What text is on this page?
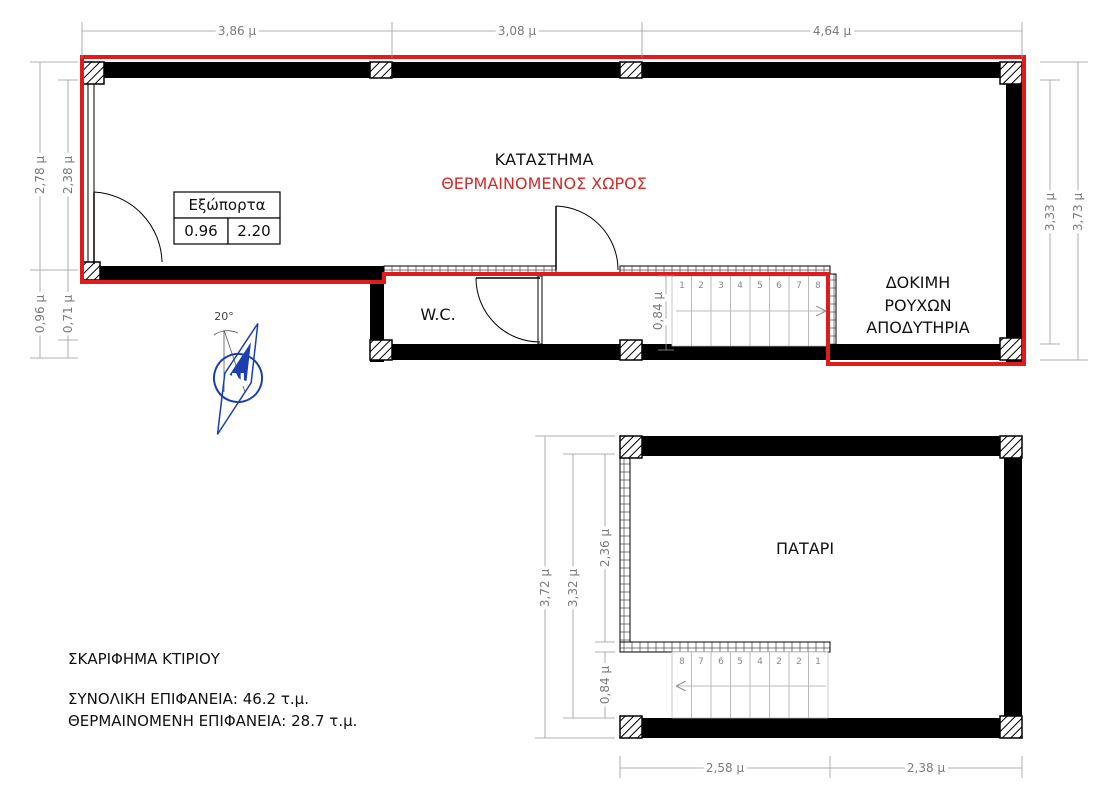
1 2 3 4 5 6 7 8
Εξώπορτα
0.96 2.20
ΚΑΤΑΣΤΗΜΑ
ΘΕΡΜΑΙΝΟΜΕΝΟΣ ΧΩΡΟΣ
W.C.
ΔΟΚΙΜΗ
ΡΟΥΧΩΝ
ΑΠΟΔΥΤΗΡΙΑ
20°
N
8 7 6 5 4 2 2 1
ΠΑΤΑΡΙ
3,86 μ	3,08 μ	4,64 μ
2,78 μ 2,38 μ
0,96 μ 0,71 μ	0,84 μ
3,33 μ 3,73 μ
3,72 μ 3,32 μ
2,36 μ
0,84 μ
2,58 μ	2,38 μ
ΣΚΑΡΙΦΗΜΑ ΚΤΙΡΙΟΥ
ΣΥΝΟΛΙΚΗ ΕΠΙΦΑΝΕΙΑ: 46.2 τ.μ.
ΘΕΡΜΑΙΝΟΜΕΝΗ ΕΠΙΦΑΝΕΙΑ: 28.7 τ.μ.
